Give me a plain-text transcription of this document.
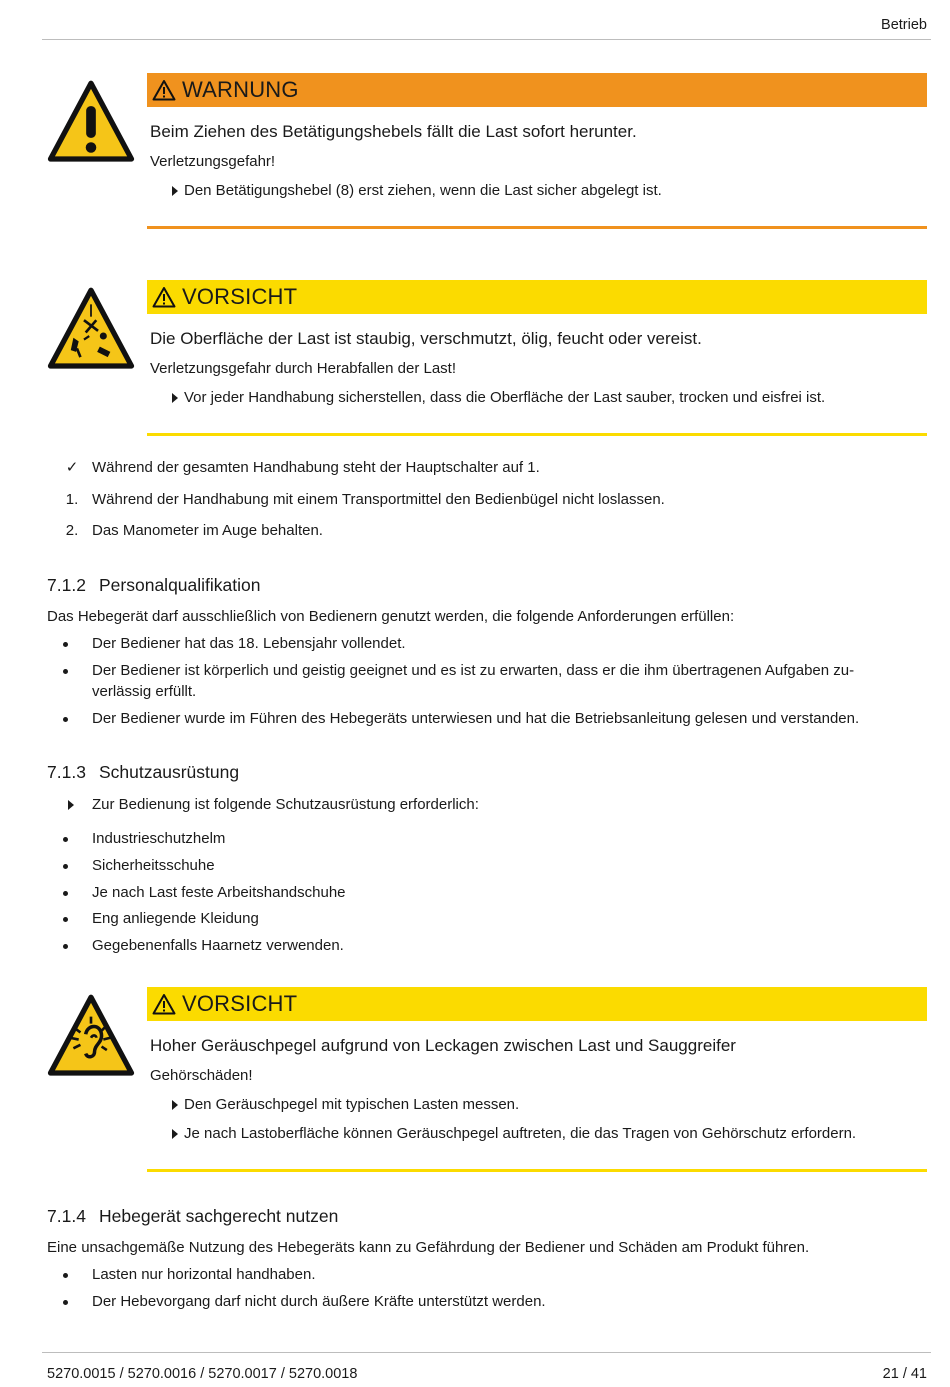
Betrieb
WARNUNG
Beim Ziehen des Betätigungshebels fällt die Last sofort herunter.
Verletzungsgefahr!
Den Betätigungshebel (8) erst ziehen, wenn die Last sicher abgelegt ist.
VORSICHT
Die Oberfläche der Last ist staubig, verschmutzt, ölig, feucht oder vereist.
Verletzungsgefahr durch Herabfallen der Last!
Vor jeder Handhabung sicherstellen, dass die Oberfläche der Last sauber, trocken und eisfrei ist.
✓ Während der gesamten Handhabung steht der Hauptschalter auf 1.
1. Während der Handhabung mit einem Transportmittel den Bedienbügel nicht loslassen.
2. Das Manometer im Auge behalten.
7.1.2 Personalqualifikation
Das Hebegerät darf ausschließlich von Bedienern genutzt werden, die folgende Anforderungen erfüllen:
Der Bediener hat das 18. Lebensjahr vollendet.
Der Bediener ist körperlich und geistig geeignet und es ist zu erwarten, dass er die ihm übertragenen Aufgaben zu-
verlässig erfüllt.
Der Bediener wurde im Führen des Hebegeräts unterwiesen und hat die Betriebsanleitung gelesen und verstanden.
7.1.3 Schutzausrüstung
Zur Bedienung ist folgende Schutzausrüstung erforderlich:
Industrieschutzhelm
Sicherheitsschuhe
Je nach Last feste Arbeitshandschuhe
Eng anliegende Kleidung
Gegebenenfalls Haarnetz verwenden.
VORSICHT
Hoher Geräuschpegel aufgrund von Leckagen zwischen Last und Sauggreifer
Gehörschäden!
Den Geräuschpegel mit typischen Lasten messen.
Je nach Lastoberfläche können Geräuschpegel auftreten, die das Tragen von Gehörschutz erfordern.
7.1.4 Hebegerät sachgerecht nutzen
Eine unsachgemäße Nutzung des Hebegeräts kann zu Gefährdung der Bediener und Schäden am Produkt führen.
Lasten nur horizontal handhaben.
Der Hebevorgang darf nicht durch äußere Kräfte unterstützt werden.
5270.0015 / 5270.0016 / 5270.0017 / 5270.0018	21 / 41
